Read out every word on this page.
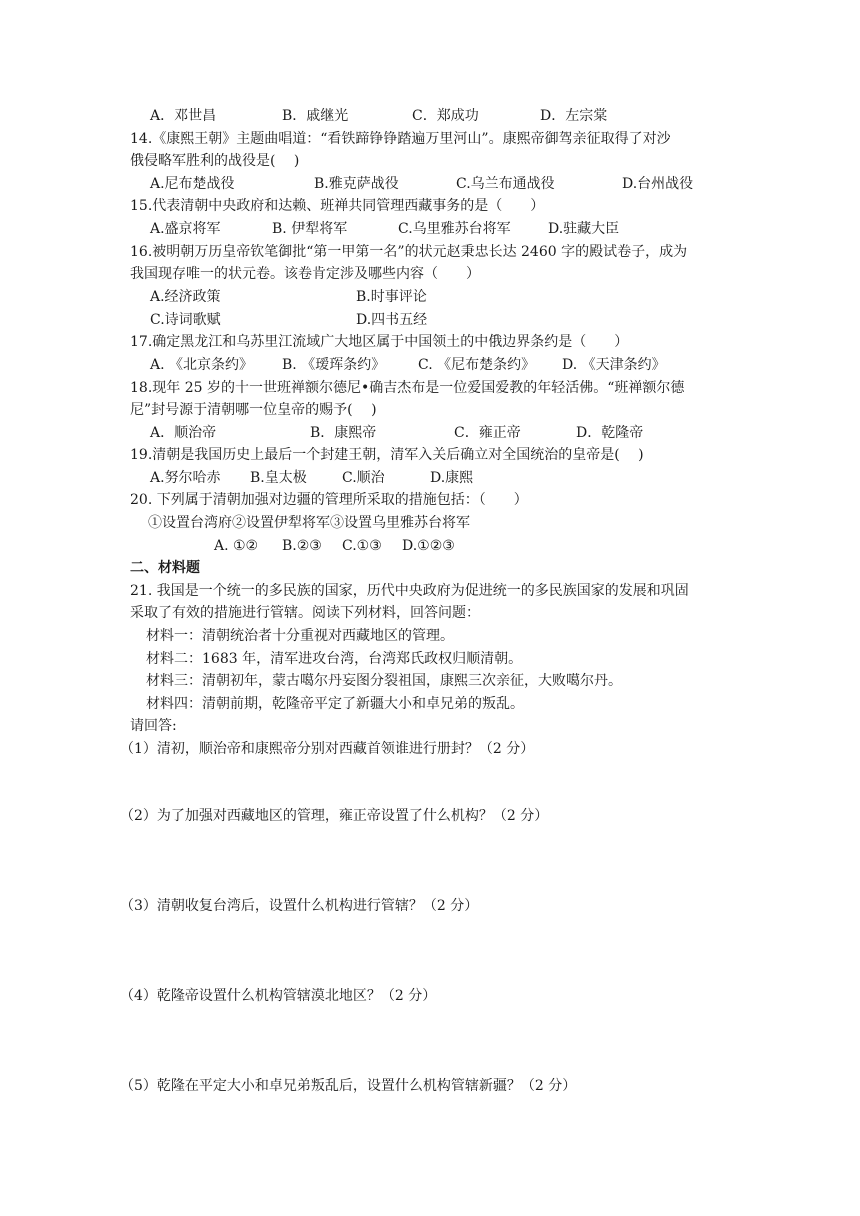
A．邓世昌	B．戚继光	C．郑成功	D．左宗棠
14.《康熙王朝》主题曲唱道：“看铁蹄铮铮踏遍万里河山”。康熙帝御驾亲征取得了对沙
俄侵略军胜利的战役是(　 )
A.尼布楚战役	B.雅克萨战役	C.乌兰布通战役	D.台州战役
15.代表清朝中央政府和达赖、班禅共同管理西藏事务的是（　　）
A.盛京将军	B. 伊犁将军	C.乌里雅苏台将军	D.驻藏大臣
16.被明朝万历皇帝钦笔御批“第一甲第一名”的状元赵秉忠长达 2460 字的殿试卷子，成为
我国现存唯一的状元卷。该卷肯定涉及哪些内容（　　）
A.经济政策	B.时事评论
C.诗词歌赋	D.四书五经
17.确定黑龙江和乌苏里江流域广大地区属于中国领土的中俄边界条约是（　　）
A. 《北京条约》 B. 《瑷珲条约》 C. 《尼布楚条约》 D. 《天津条约》
18.现年 25 岁的十一世班禅额尔德尼•确吉杰布是一位爱国爱教的年轻活佛。“班禅额尔德
尼”封号源于清朝哪一位皇帝的赐予(　 )
A．顺治帝	B．康熙帝	C．雍正帝	D．乾隆帝
19.清朝是我国历史上最后一个封建王朝，清军入关后确立对全国统治的皇帝是(　 )
A.努尔哈赤 B.皇太极	C.顺治	D.康熙
20. 下列属于清朝加强对边疆的管理所采取的措施包括：（　　）
①设置台湾府②设置伊犁将军③设置乌里雅苏台将军
A. ①② B.②③ C.①③ D.①②③
二、材料题
21. 我国是一个统一的多民族的国家，历代中央政府为促进统一的多民族国家的发展和巩固
采取了有效的措施进行管辖。阅读下列材料，回答问题：
材料一：清朝统治者十分重视对西藏地区的管理。
材料二：1683 年，清军进攻台湾，台湾郑氏政权归顺清朝。
材料三：清朝初年，蒙古噶尔丹妄图分裂祖国，康熙三次亲征，大败噶尔丹。
材料四：清朝前期，乾隆帝平定了新疆大小和卓兄弟的叛乱。
请回答:
（1）清初，顺治帝和康熙帝分别对西藏首领谁进行册封？（2 分）
（2）为了加强对西藏地区的管理，雍正帝设置了什么机构？（2 分）
（3）清朝收复台湾后，设置什么机构进行管辖？（2 分）
（4）乾隆帝设置什么机构管辖漠北地区？（2 分）
（5）乾隆在平定大小和卓兄弟叛乱后，设置什么机构管辖新疆？（2 分）
